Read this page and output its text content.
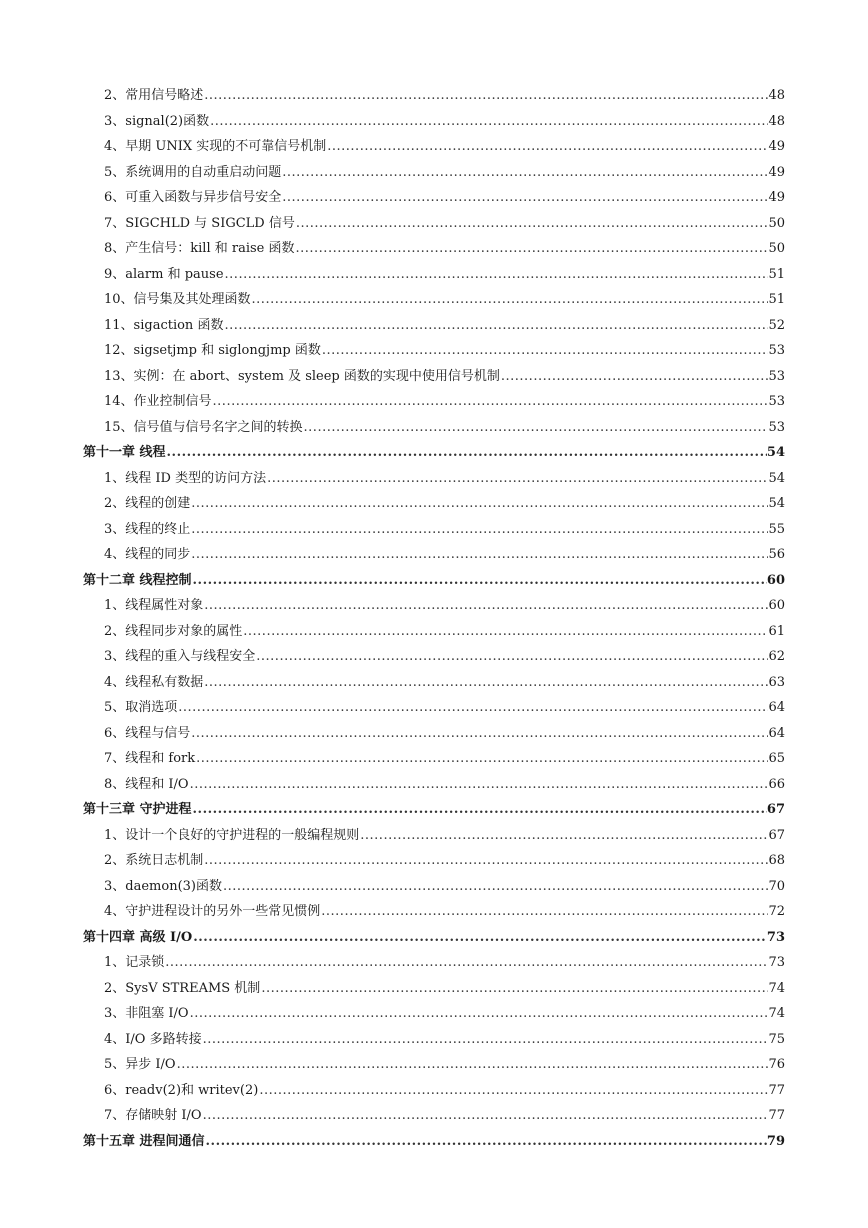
2、常用信号略述 .....	48
3、signal(2)函数 .....	48
4、早期 UNIX 实现的不可靠信号机制 .....	49
5、系统调用的自动重启动问题 .....	49
6、可重入函数与异步信号安全 .....	49
7、SIGCHLD 与 SIGCLD 信号 .....	50
8、产生信号：kill 和 raise 函数 .....	50
9、alarm 和 pause .....	51
10、信号集及其处理函数 .....	51
11、sigaction 函数 .....	52
12、sigsetjmp 和 siglongjmp 函数 .....	53
13、实例：在 abort、system 及 sleep 函数的实现中使用信号机制 .....	53
14、作业控制信号 .....	53
15、信号值与信号名字之间的转换 .....	53
第十一章 线程 .....	54
1、线程 ID 类型的访问方法 .....	54
2、线程的创建 .....	54
3、线程的终止 .....	55
4、线程的同步 .....	56
第十二章 线程控制 .....	60
1、线程属性对象 .....	60
2、线程同步对象的属性 .....	61
3、线程的重入与线程安全 .....	62
4、线程私有数据 .....	63
5、取消选项 .....	64
6、线程与信号 .....	64
7、线程和 fork .....	65
8、线程和 I/O .....	66
第十三章 守护进程 .....	67
1、设计一个良好的守护进程的一般编程规则 .....	67
2、系统日志机制 .....	68
3、daemon(3)函数 .....	70
4、守护进程设计的另外一些常见惯例 .....	72
第十四章 高级 I/O .....	73
1、记录锁 .....	73
2、SysV STREAMS 机制 .....	74
3、非阻塞 I/O .....	74
4、I/O 多路转接 .....	75
5、异步 I/O .....	76
6、readv(2)和 writev(2) .....	77
7、存储映射 I/O .....	77
第十五章 进程间通信 .....	79
